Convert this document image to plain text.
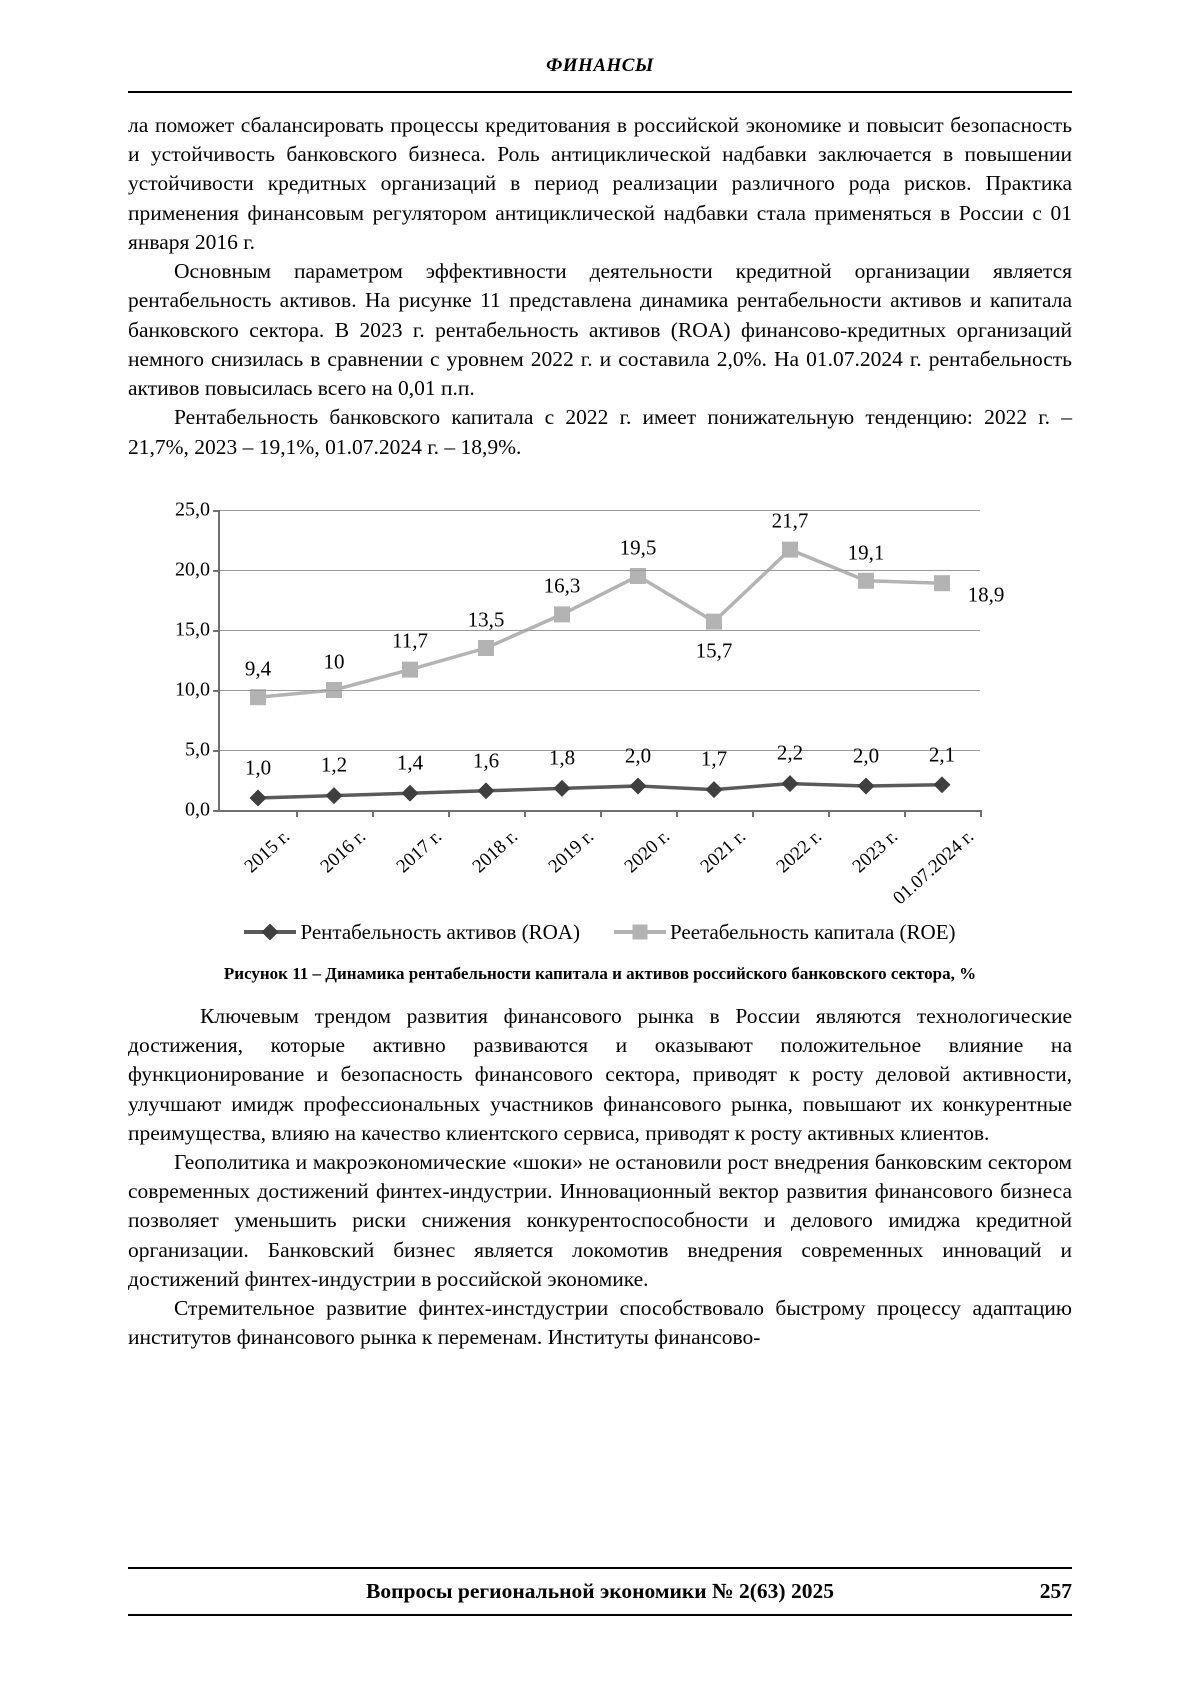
ФИНАНСЫ

ла поможет сбалансировать процессы кредитования в российской экономике и повысит безопасность и устойчивость банковского бизнеса. Роль антициклической надбавки заключается в повышении устойчивости кредитных организаций в период реализации различного рода рисков. Практика применения финансовым регулятором антициклической надбавки стала применяться в России с 01 января 2016 г.

Основным параметром эффективности деятельности кредитной организации является рентабельность активов. На рисунке 11 представлена динамика рентабельности активов и капитала банковского сектора. В 2023 г. рентабельность активов (ROA) финансово-кредитных организаций немного снизилась в сравнении с уровнем 2022 г. и составила 2,0%. На 01.07.2024 г. рентабельность активов повысилась всего на 0,01 п.п.

Рентабельность банковского капитала с 2022 г. имеет понижательную тенденцию: 2022 г. – 21,7%, 2023 – 19,1%, 01.07.2024 г. – 18,9%.

0,0
5,0
10,0
15,0
20,0
25,0
2015 г. 2016 г. 2017 г. 2018 г. 2019 г. 2020 г. 2021 г. 2022 г. 2023 г.
01.07.2024 г.
1,0 1,2 1,4 1,6 1,8 2,0 1,7 2,2 2,0 2,1
9,4 10
11,7
13,5
16,3
19,5
15,7
21,7
19,1
18,9
Рентабельность активов (ROA)	Реетабельность капитала (ROE)
Рисунок 11 – Динамика рентабельности капитала и активов российского банковского сектора, %

Ключевым трендом развития финансового рынка в России являются технологические достижения, которые активно развиваются и оказывают положительное влияние на функционирование и безопасность финансового сектора, приводят к росту деловой активности, улучшают имидж профессиональных участников финансового рынка, повышают их конкурентные преимущества, влияю на качество клиентского сервиса, приводят к росту активных клиентов.

Геополитика и макроэкономические «шоки» не остановили рост внедрения банковским сектором современных достижений финтех-индустрии. Инновационный вектор развития финансового бизнеса позволяет уменьшить риски снижения конкурентоспособности и делового имиджа кредитной организации. Банковский бизнес является локомотив внедрения современных инноваций и достижений финтех-индустрии в российской экономике.

Стремительное развитие финтех-инстдустрии способствовало быстрому процессу адаптацию институтов финансового рынка к переменам. Институты финансово-

Вопросы региональной экономики № 2(63) 2025	257
